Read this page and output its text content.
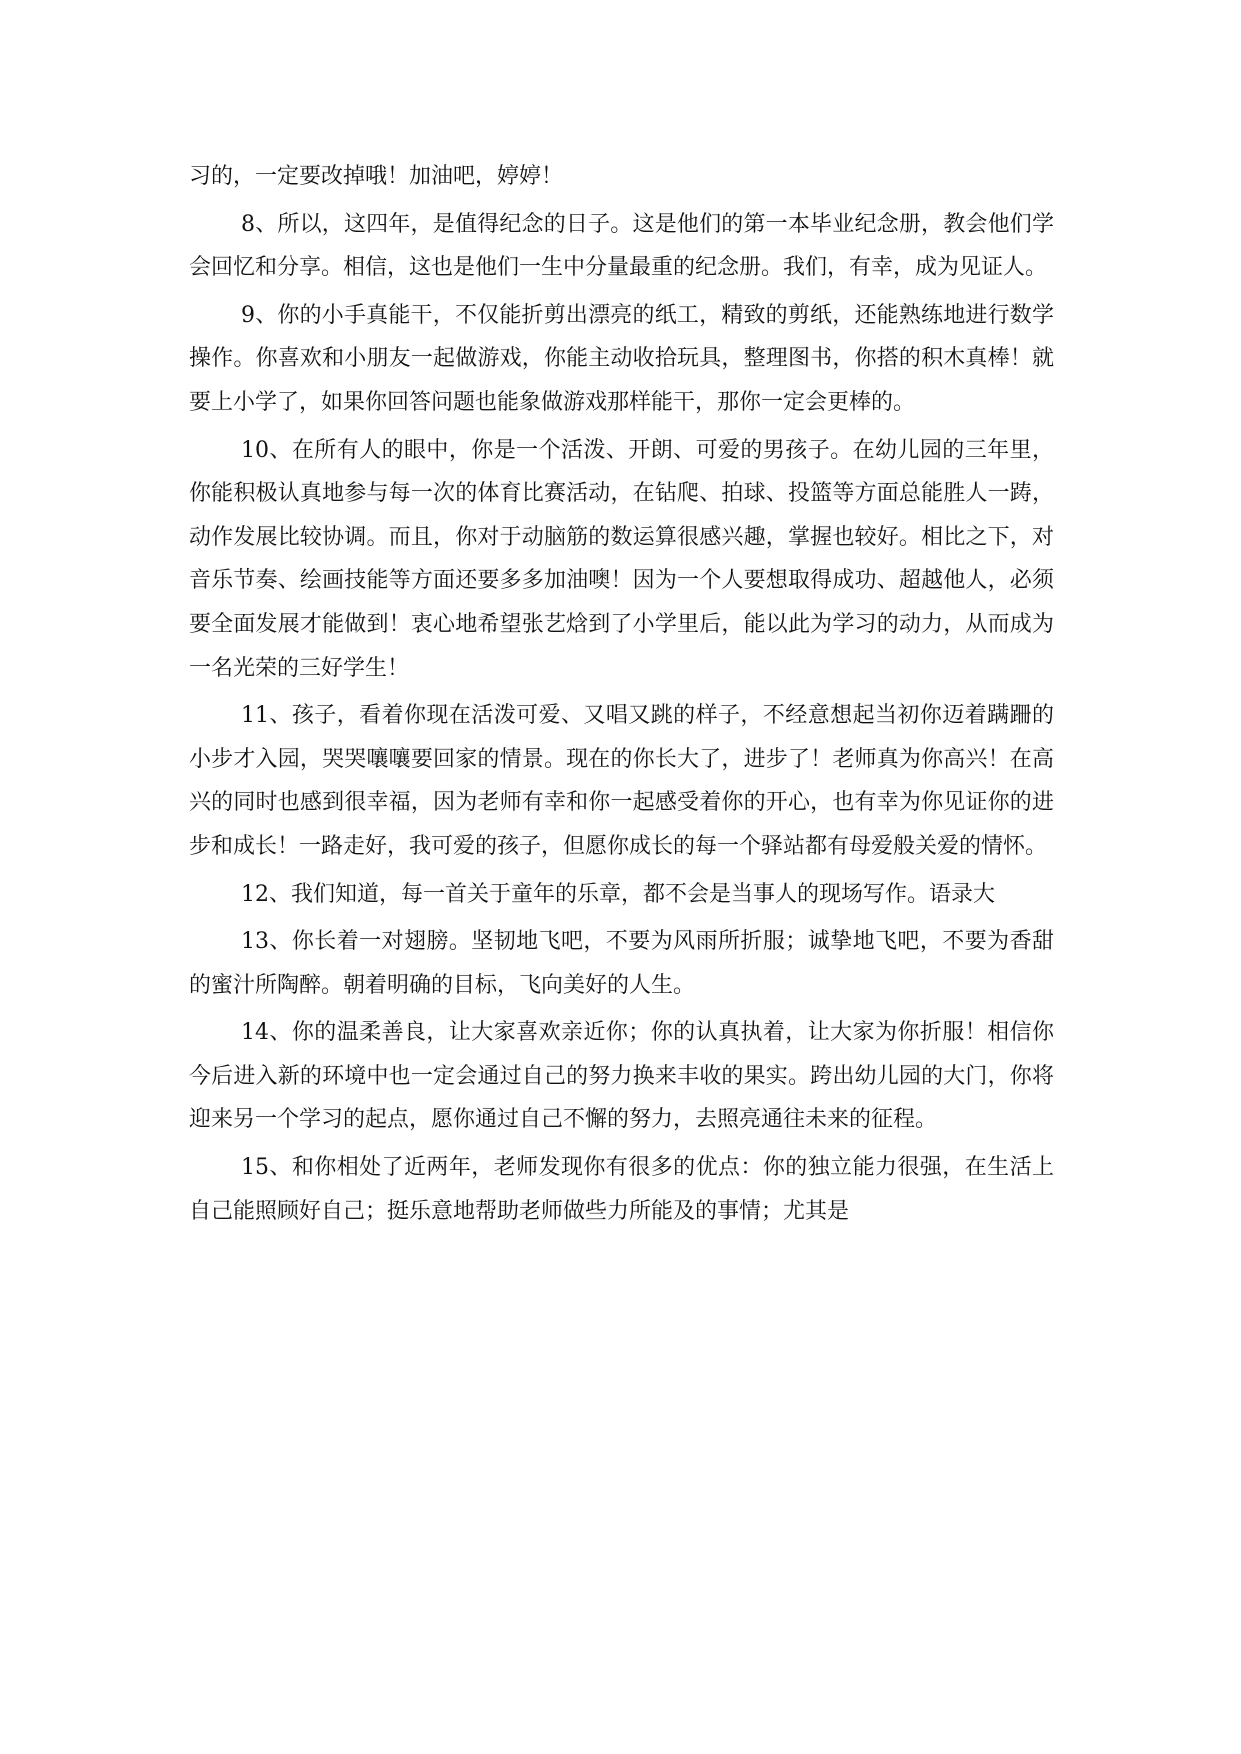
习的，一定要改掉哦！加油吧，婷婷！

8、所以，这四年，是值得纪念的日子。这是他们的第一本毕业纪念册，教会他们学会回忆和分享。相信，这也是他们一生中分量最重的纪念册。我们，有幸，成为见证人。

9、你的小手真能干，不仅能折剪出漂亮的纸工，精致的剪纸，还能熟练地进行数学操作。你喜欢和小朋友一起做游戏，你能主动收拾玩具，整理图书，你搭的积木真棒！就要上小学了，如果你回答问题也能象做游戏那样能干，那你一定会更棒的。

10、在所有人的眼中，你是一个活泼、开朗、可爱的男孩子。在幼儿园的三年里，你能积极认真地参与每一次的体育比赛活动，在钻爬、拍球、投篮等方面总能胜人一踌，动作发展比较协调。而且，你对于动脑筋的数运算很感兴趣，掌握也较好。相比之下，对音乐节奏、绘画技能等方面还要多多加油噢！因为一个人要想取得成功、超越他人，必须要全面发展才能做到！衷心地希望张艺焓到了小学里后，能以此为学习的动力，从而成为一名光荣的三好学生！

11、孩子，看着你现在活泼可爱、又唱又跳的样子，不经意想起当初你迈着蹒跚的小步才入园，哭哭嚷嚷要回家的情景。现在的你长大了，进步了！老师真为你高兴！在高兴的同时也感到很幸福，因为老师有幸和你一起感受着你的开心，也有幸为你见证你的进步和成长！一路走好，我可爱的孩子，但愿你成长的每一个驿站都有母爱般关爱的情怀。

12、我们知道，每一首关于童年的乐章，都不会是当事人的现场写作。语录大

13、你长着一对翅膀。坚韧地飞吧，不要为风雨所折服；诚挚地飞吧，不要为香甜的蜜汁所陶醉。朝着明确的目标，飞向美好的人生。

14、你的温柔善良，让大家喜欢亲近你；你的认真执着，让大家为你折服！相信你今后进入新的环境中也一定会通过自己的努力换来丰收的果实。跨出幼儿园的大门，你将迎来另一个学习的起点，愿你通过自己不懈的努力，去照亮通往未来的征程。

15、和你相处了近两年，老师发现你有很多的优点：你的独立能力很强，在生活上自己能照顾好自己；挺乐意地帮助老师做些力所能及的事情；尤其是
